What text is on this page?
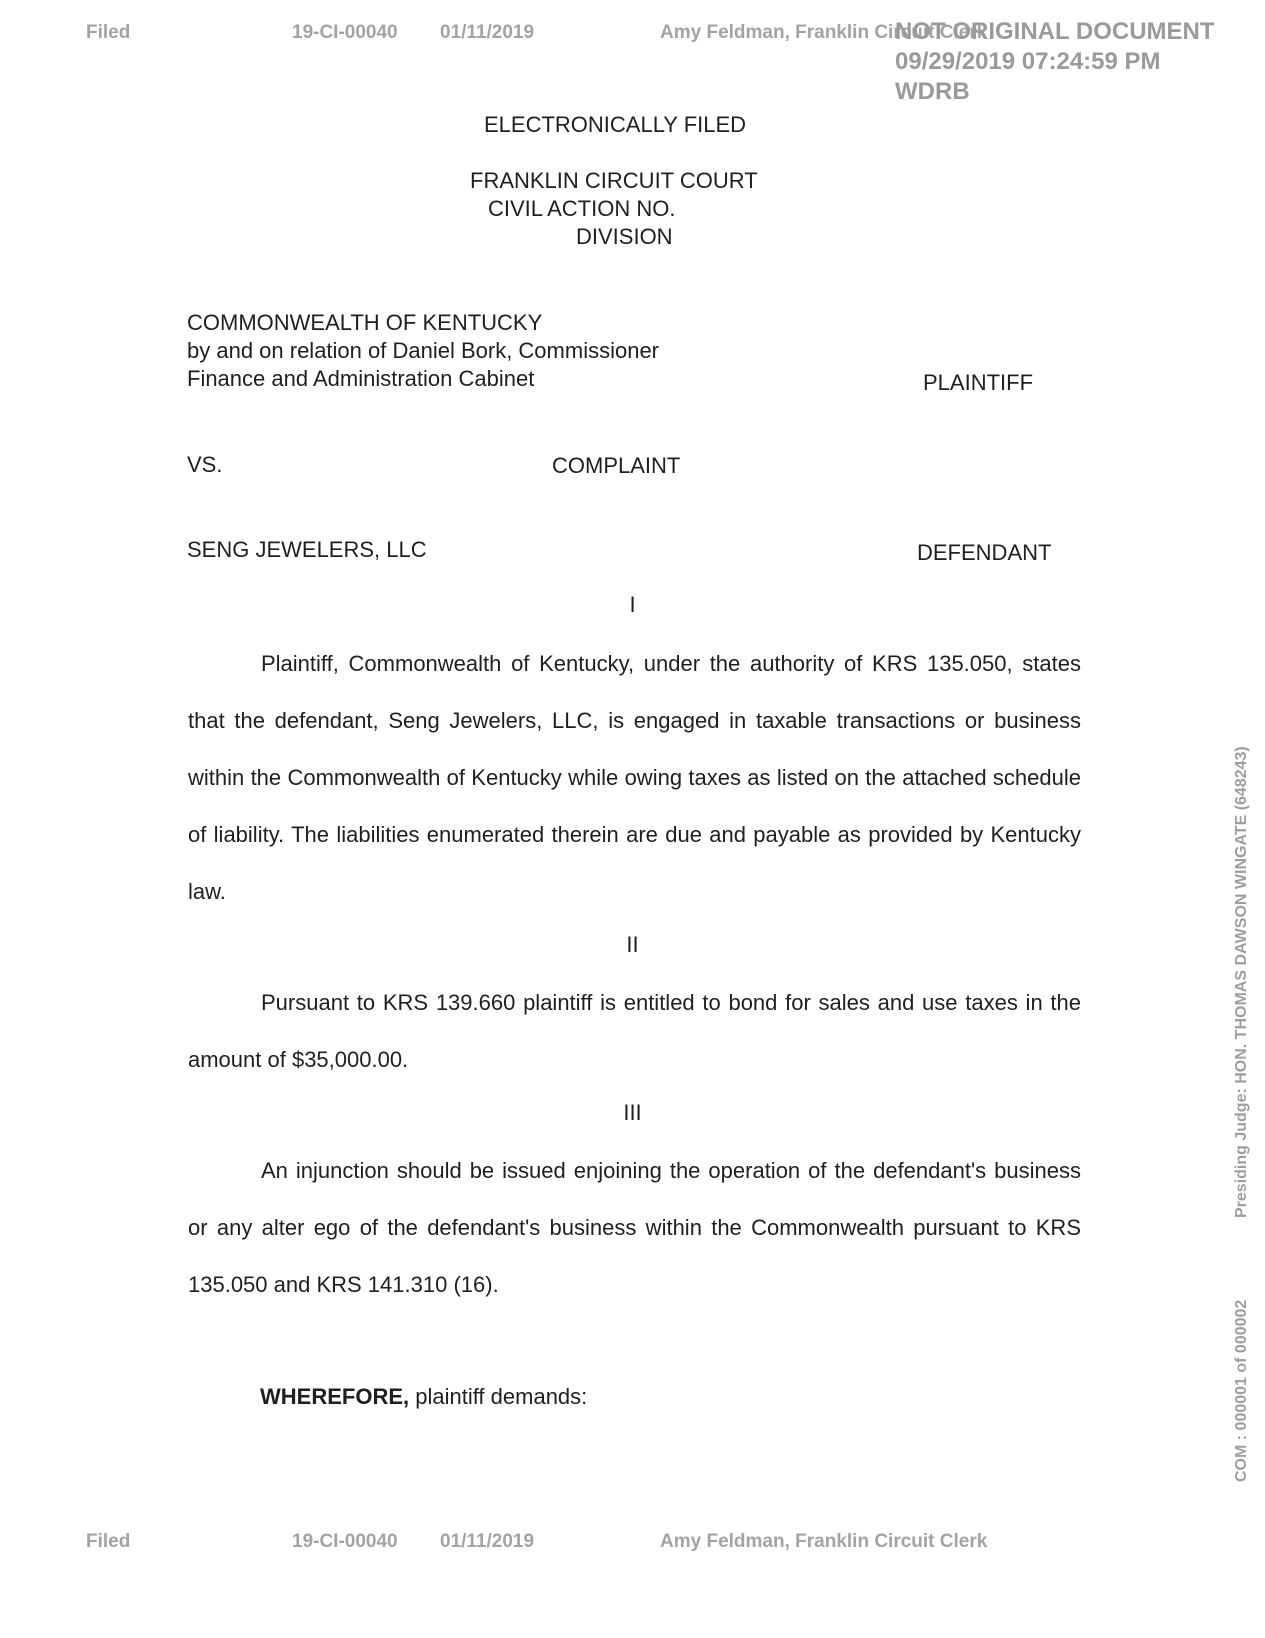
Filed	19-CI-00040 01/11/2019	Amy Feldman, Franklin Circuit Clerk
NOT ORIGINAL DOCUMENT
09/29/2019 07:24:59 PM
WDRB
ELECTRONICALLY FILED
FRANKLIN CIRCUIT COURT
CIVIL ACTION NO.
DIVISION
COMMONWEALTH OF KENTUCKY
by and on relation of Daniel Bork, Commissioner
Finance and Administration Cabinet	PLAINTIFF
VS.	COMPLAINT
SENG JEWELERS, LLC	DEFENDANT
I
Plaintiff, Commonwealth of Kentucky, under the authority of KRS 135.050, states that the defendant, Seng Jewelers, LLC, is engaged in taxable transactions or business within the Commonwealth of Kentucky while owing taxes as listed on the attached schedule of liability. The liabilities enumerated therein are due and payable as provided by Kentucky law.
II
Pursuant to KRS 139.660 plaintiff is entitled to bond for sales and use taxes in the amount of $35,000.00.
III
An injunction should be issued enjoining the operation of the defendant's business or any alter ego of the defendant's business within the Commonwealth pursuant to KRS 135.050 and KRS 141.310 (16).
WHEREFORE, plaintiff demands:
Presiding Judge: HON. THOMAS DAWSON WINGATE (648243)
COM : 000001 of 000002
Filed	19-CI-00040 01/11/2019	Amy Feldman, Franklin Circuit Clerk
